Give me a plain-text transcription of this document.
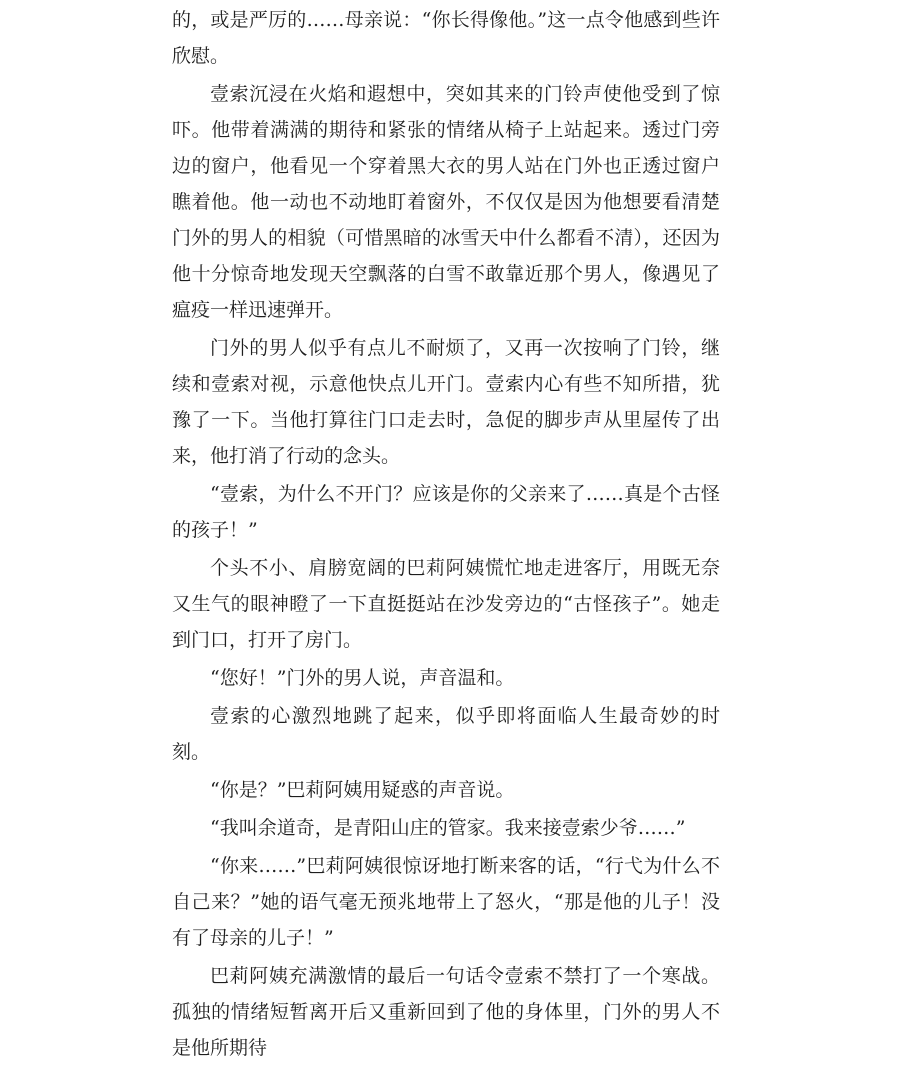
的，或是严厉的……母亲说：“你长得像他。”这一点令他感到些许欣慰。

壹索沉浸在火焰和遐想中，突如其来的门铃声使他受到了惊吓。他带着满满的期待和紧张的情绪从椅子上站起来。透过门旁边的窗户，他看见一个穿着黑大衣的男人站在门外也正透过窗户瞧着他。他一动也不动地盯着窗外，不仅仅是因为他想要看清楚门外的男人的相貌（可惜黑暗的冰雪天中什么都看不清），还因为他十分惊奇地发现天空飘落的白雪不敢靠近那个男人，像遇见了瘟疫一样迅速弹开。

门外的男人似乎有点儿不耐烦了，又再一次按响了门铃，继续和壹索对视，示意他快点儿开门。壹索内心有些不知所措，犹豫了一下。当他打算往门口走去时，急促的脚步声从里屋传了出来，他打消了行动的念头。

“壹索，为什么不开门？应该是你的父亲来了……真是个古怪的孩子！”

个头不小、肩膀宽阔的巴莉阿姨慌忙地走进客厅，用既无奈又生气的眼神瞪了一下直挺挺站在沙发旁边的“古怪孩子”。她走到门口，打开了房门。

“您好！”门外的男人说，声音温和。

壹索的心激烈地跳了起来，似乎即将面临人生最奇妙的时刻。

“你是？”巴莉阿姨用疑惑的声音说。

“我叫余道奇，是青阳山庄的管家。我来接壹索少爷……”

“你来……”巴莉阿姨很惊讶地打断来客的话，“行弋为什么不自己来？”她的语气毫无预兆地带上了怒火，“那是他的儿子！没有了母亲的儿子！”

巴莉阿姨充满激情的最后一句话令壹索不禁打了一个寒战。孤独的情绪短暂离开后又重新回到了他的身体里，门外的男人不是他所期待
